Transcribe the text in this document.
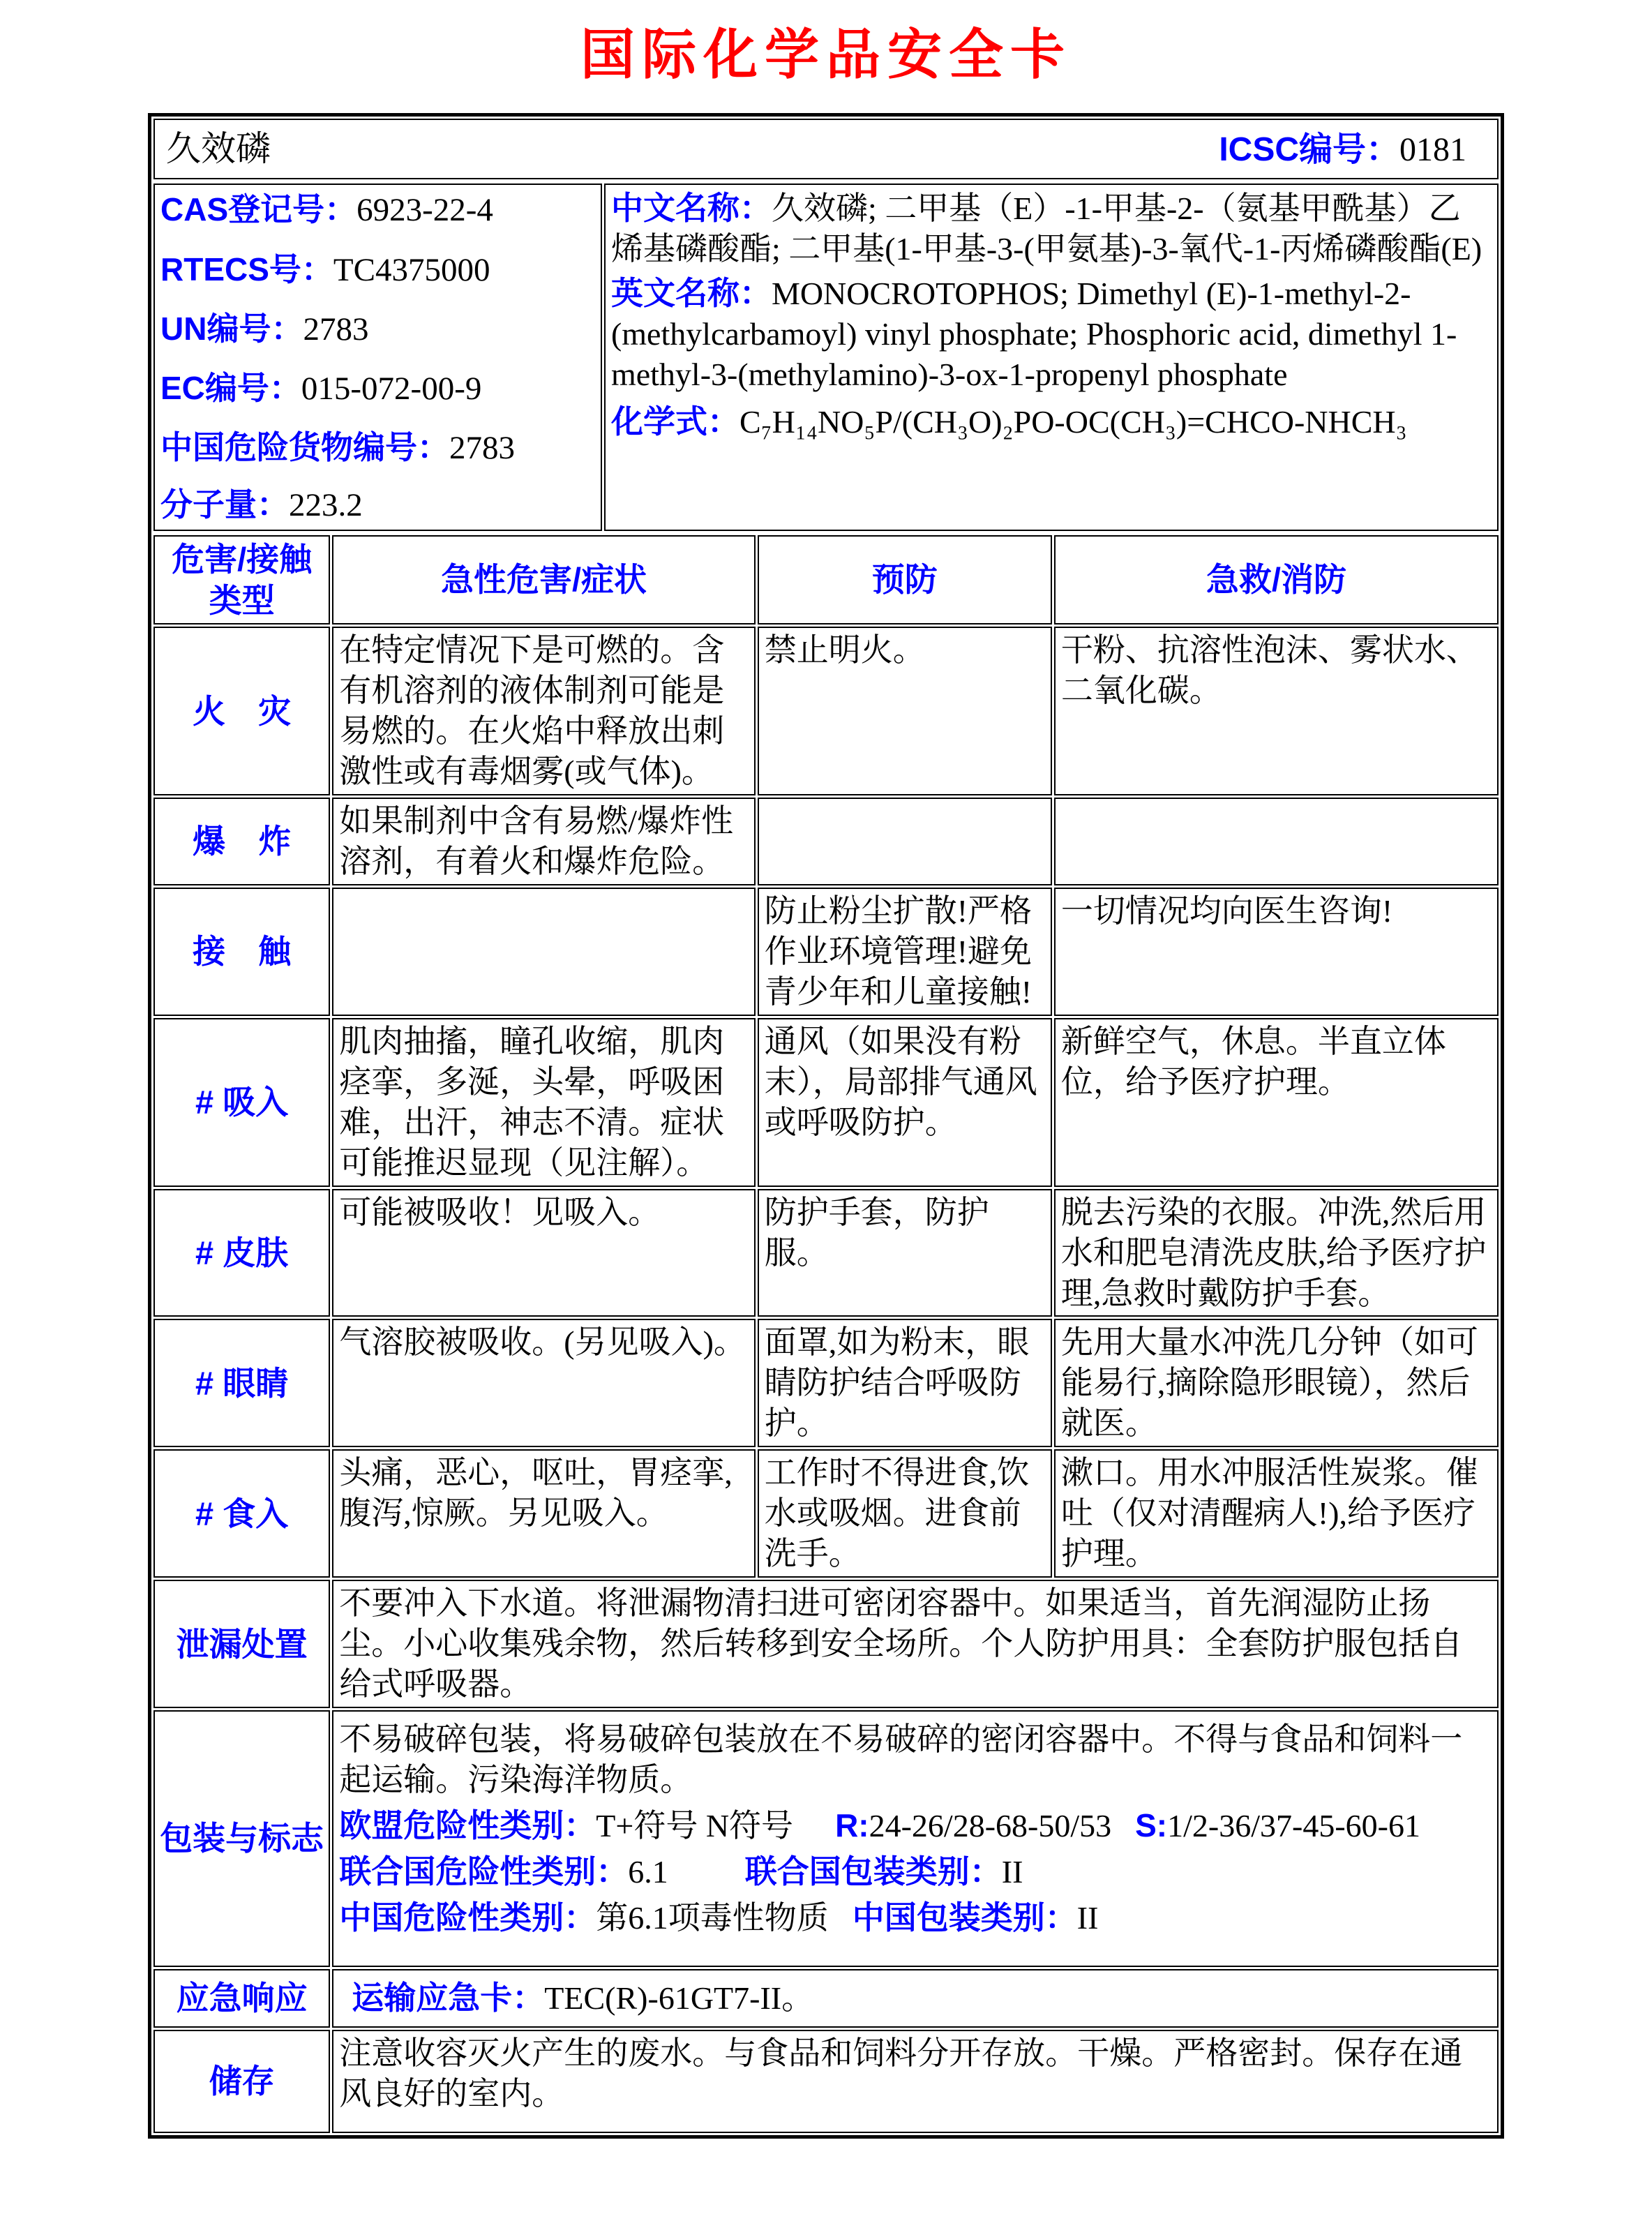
国际化学品安全卡
久效磷	ICSC编号：0181
CAS登记号：6923-22-4
RTECS号：TC4375000
UN编号：2783
EC编号：015-072-00-9
中国危险货物编号：2783
分子量：223.2

中文名称：久效磷; 二甲基（E）-1-甲基-2-（氨基甲酰基）乙烯基磷酸酯; 二甲基(1-甲基-3-(甲氨基)-3-氧代-1-丙烯磷酸酯(E)
英文名称：MONOCROTOPHOS; Dimethyl (E)-1-methyl-2-(methylcarbamoyl) vinyl phosphate; Phosphoric acid, dimethyl 1-methyl-3-(methylamino)-3-ox-1-propenyl phosphate
化学式：C₇H₁₄NO₅P/(CH₃O)₂PO-OC(CH₃)=CHCO-NHCH₃
危害/接触类型	急性危害/症状	预防	急救/消防
火　灾	在特定情况下是可燃的。含有机溶剂的液体制剂可能是易燃的。在火焰中释放出刺激性或有毒烟雾(或气体)。	禁止明火。	干粉、抗溶性泡沫、雾状水、二氧化碳。
爆　炸	如果制剂中含有易燃/爆炸性溶剂，有着火和爆炸危险。		
接　触		防止粉尘扩散!严格作业环境管理!避免青少年和儿童接触!	一切情况均向医生咨询!
# 吸入	肌肉抽搐，瞳孔收缩，肌肉痉挛，多涎，头晕，呼吸困难，出汗，神志不清。症状可能推迟显现（见注解）。	通风（如果没有粉末），局部排气通风或呼吸防护。	新鲜空气，休息。半直立体位，给予医疗护理。
# 皮肤	可能被吸收！见吸入。	防护手套，防护服。	脱去污染的衣服。冲洗,然后用水和肥皂清洗皮肤,给予医疗护理,急救时戴防护手套。
# 眼睛	气溶胶被吸收。(另见吸入)。	面罩,如为粉末，眼睛防护结合呼吸防护。	先用大量水冲洗几分钟（如可能易行,摘除隐形眼镜），然后就医。
# 食入	头痛，恶心，呕吐，胃痉挛,腹泻,惊厥。另见吸入。	工作时不得进食,饮水或吸烟。进食前洗手。	漱口。用水冲服活性炭浆。催吐（仅对清醒病人!),给予医疗护理。
泄漏处置	不要冲入下水道。将泄漏物清扫进可密闭容器中。如果适当，首先润湿防止扬尘。小心收集残余物，然后转移到安全场所。个人防护用具：全套防护服包括自给式呼吸器。		
包装与标志	不易破碎包装，将易破碎包装放在不易破碎的密闭容器中。不得与食品和饲料一起运输。污染海洋物质。
欧盟危险性类别：T+符号 N符号 R:24-26/28-68-50/53 S:1/2-36/37-45-60-61
联合国危险性类别：6.1 联合国包装类别：II
中国危险性类别：第6.1项毒性物质 中国包装类别：II		

应急响应	运输应急卡：TEC(R)-61GT7-II。		
储存	注意收容灭火产生的废水。与食品和饲料分开存放。干燥。严格密封。保存在通风良好的室内。		
